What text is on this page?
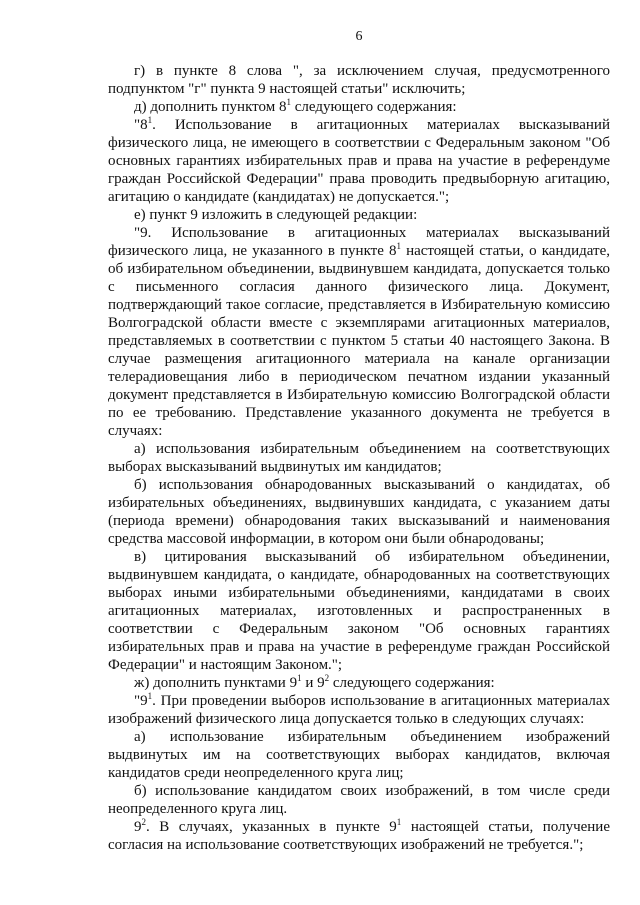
6

г) в пункте 8 слова ", за исключением случая, предусмотренного подпунктом "г" пункта 9 настоящей статьи" исключить;

д) дополнить пунктом $8^1$ следующего содержания:

"$8^1$. Использование в агитационных материалах высказываний физического лица, не имеющего в соответствии с Федеральным законом "Об основных гарантиях избирательных прав и права на участие в референдуме граждан Российской Федерации" права проводить предвыборную агитацию, агитацию о кандидате (кандидатах) не допускается.";

е) пункт 9 изложить в следующей редакции:

"9. Использование в агитационных материалах высказываний физического лица, не указанного в пункте $8^1$ настоящей статьи, о кандидате, об избирательном объединении, выдвинувшем кандидата, допускается только с письменного согласия данного физического лица. Документ, подтверждающий такое согласие, представляется в Избирательную комиссию Волгоградской области вместе с экземплярами агитационных материалов, представляемых в соответствии с пунктом 5 статьи 40 настоящего Закона. В случае размещения агитационного материала на канале организации телерадиовещания либо в периодическом печатном издании указанный документ представляется в Избирательную комиссию Волгоградской области по ее требованию. Представление указанного документа не требуется в случаях:

а) использования избирательным объединением на соответствующих выборах высказываний выдвинутых им кандидатов;

б) использования обнародованных высказываний о кандидатах, об избирательных объединениях, выдвинувших кандидата, с указанием даты (периода времени) обнародования таких высказываний и наименования средства массовой информации, в котором они были обнародованы;

в) цитирования высказываний об избирательном объединении, выдвинувшем кандидата, о кандидате, обнародованных на соответствующих выборах иными избирательными объединениями, кандидатами в своих агитационных материалах, изготовленных и распространенных в соответствии с Федеральным законом "Об основных гарантиях избирательных прав и права на участие в референдуме граждан Российской Федерации" и настоящим Законом.";

ж) дополнить пунктами $9^1$ и $9^2$ следующего содержания:

"$9^1$. При проведении выборов использование в агитационных материалах изображений физического лица допускается только в следующих случаях:

а) использование избирательным объединением изображений выдвинутых им на соответствующих выборах кандидатов, включая кандидатов среди неопределенного круга лиц;

б) использование кандидатом своих изображений, в том числе среди неопределенного круга лиц.

$9^2$. В случаях, указанных в пункте $9^1$ настоящей статьи, получение согласия на использование соответствующих изображений не требуется.";
